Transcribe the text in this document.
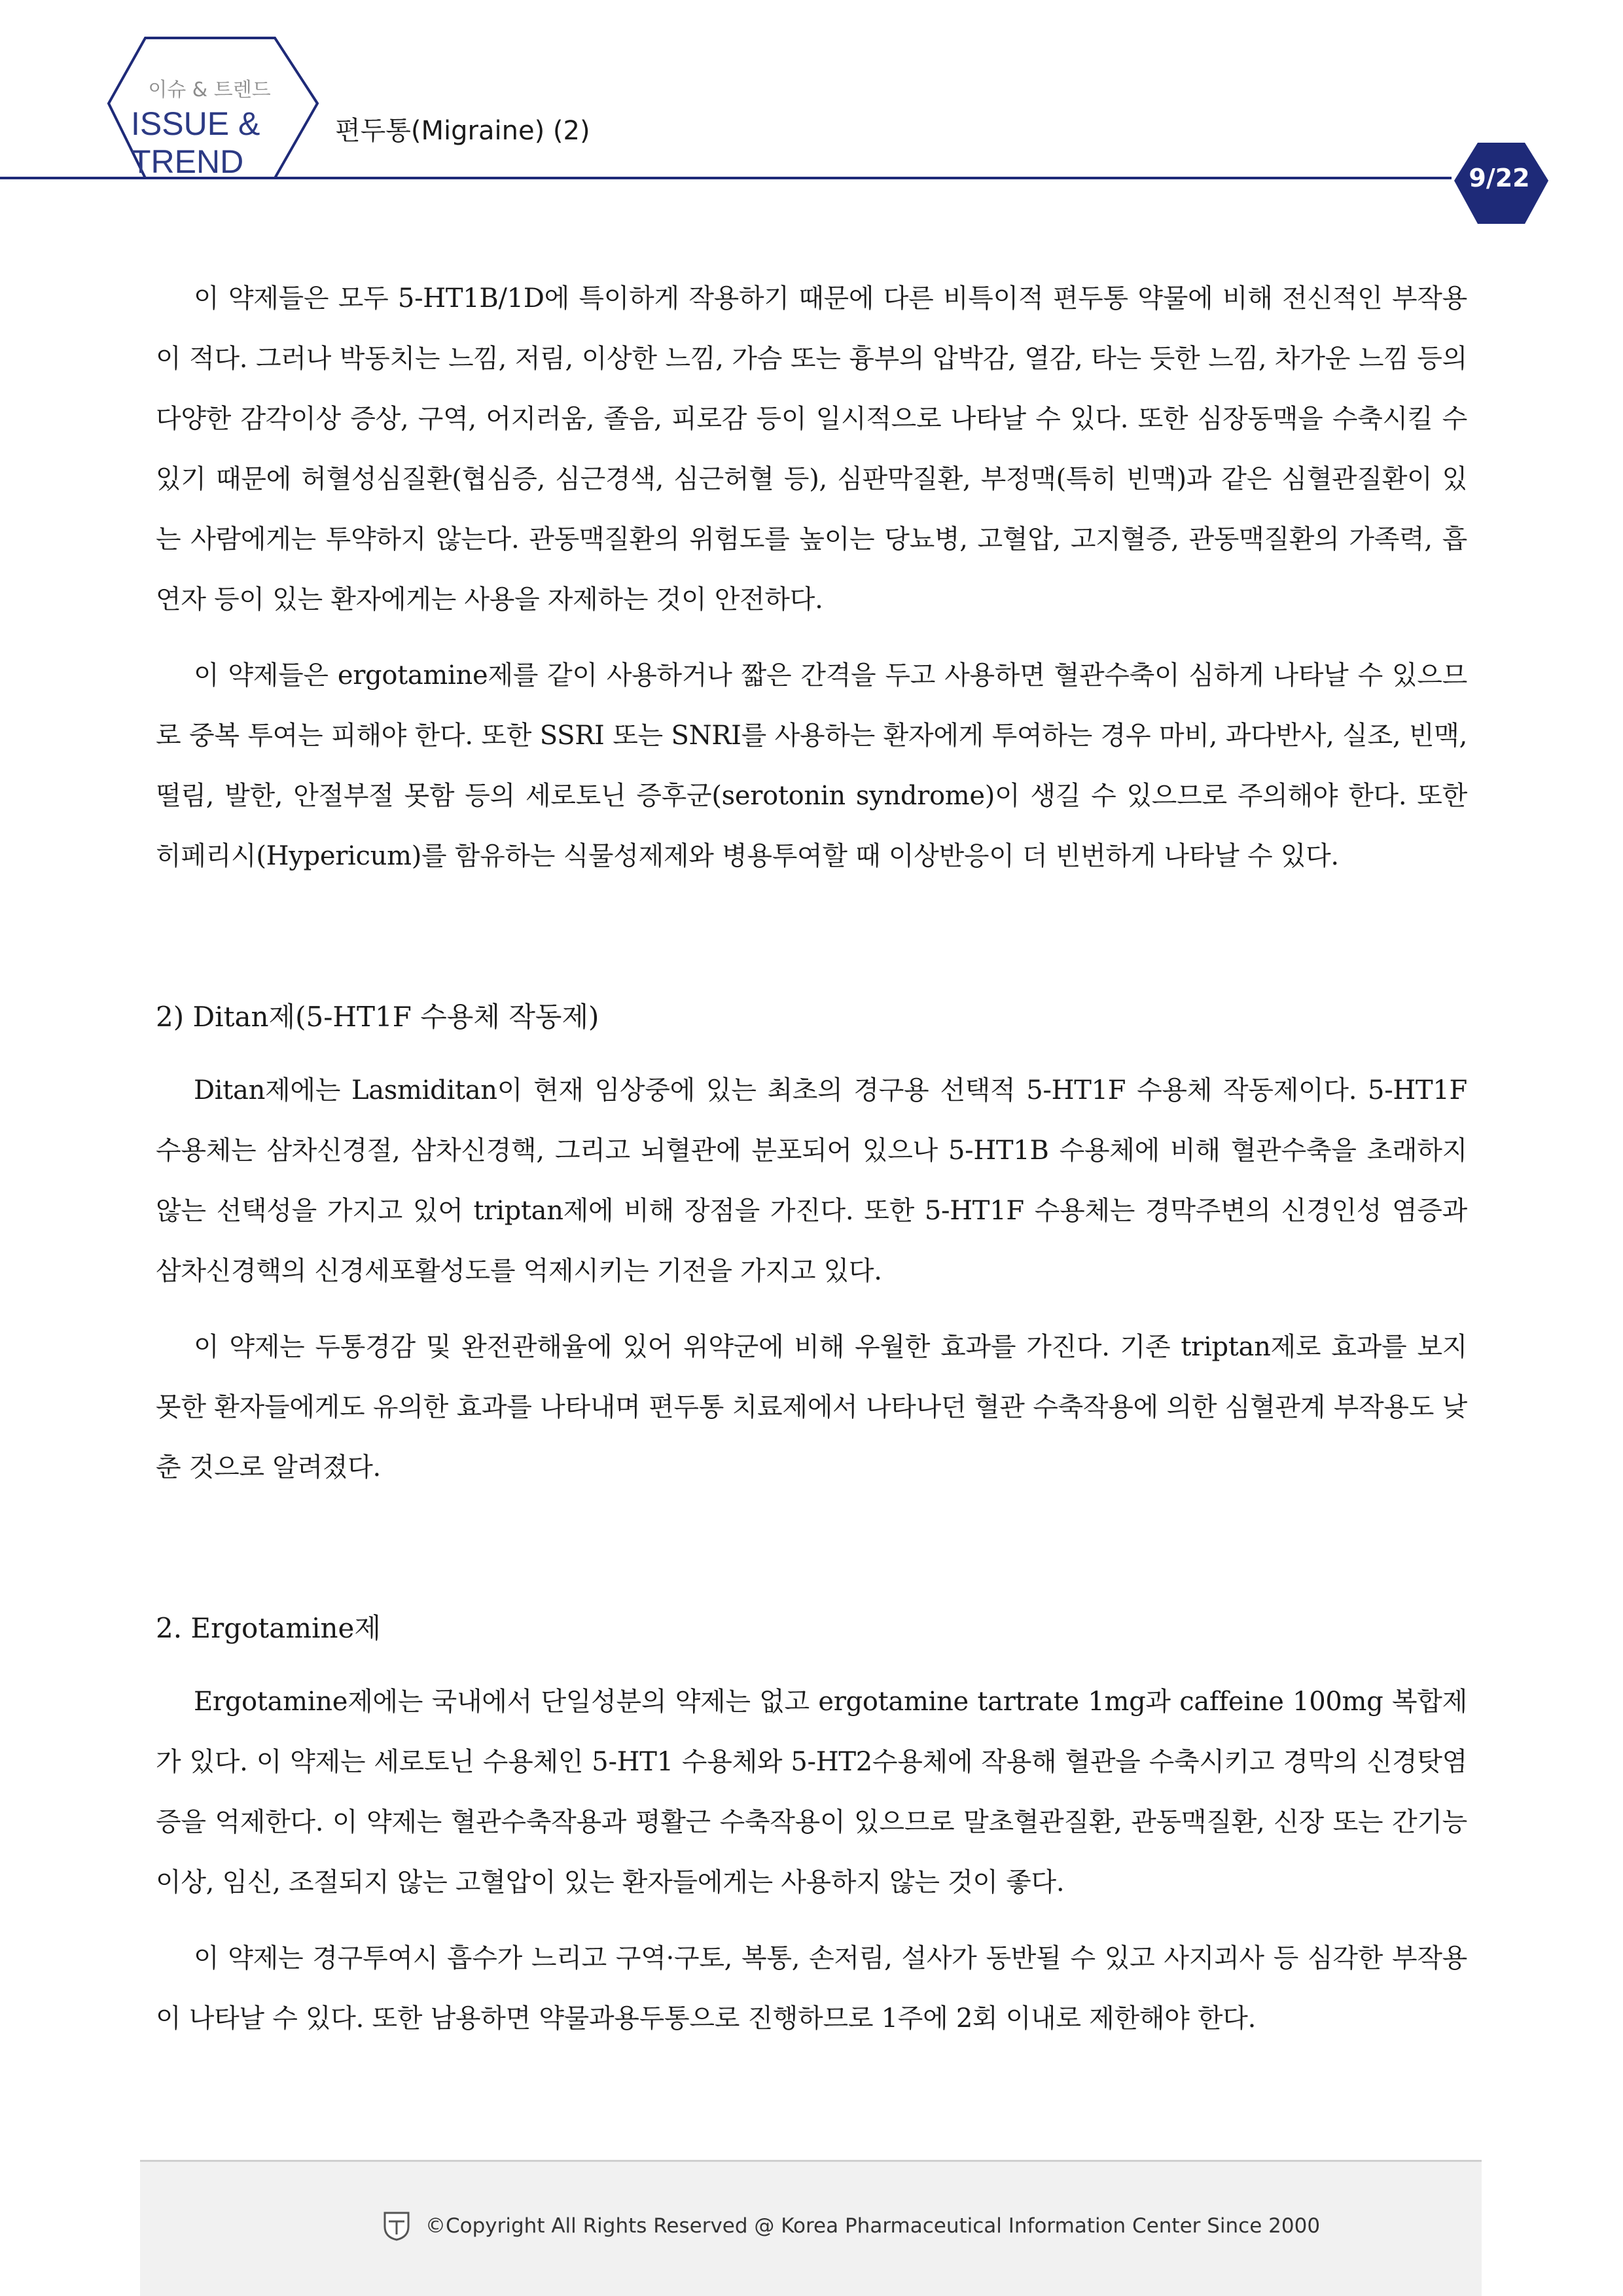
이슈 & 트렌드
ISSUE &
TREND
편두통(Migraine) (2)
9/22

이 약제들은 모두 5-HT1B/1D에 특이하게 작용하기 때문에 다른 비특이적 편두통 약물에 비해 전신적인 부작용이 적다. 그러나 박동치는 느낌, 저림, 이상한 느낌, 가슴 또는 흉부의 압박감, 열감, 타는 듯한 느낌, 차가운 느낌 등의 다양한 감각이상 증상, 구역, 어지러움, 졸음, 피로감 등이 일시적으로 나타날 수 있다. 또한 심장동맥을 수축시킬 수 있기 때문에 허혈성심질환(협심증, 심근경색, 심근허혈 등), 심판막질환, 부정맥(특히 빈맥)과 같은 심혈관질환이 있는 사람에게는 투약하지 않는다. 관동맥질환의 위험도를 높이는 당뇨병, 고혈압, 고지혈증, 관동맥질환의 가족력, 흡연자 등이 있는 환자에게는 사용을 자제하는 것이 안전하다.

이 약제들은 ergotamine제를 같이 사용하거나 짧은 간격을 두고 사용하면 혈관수축이 심하게 나타날 수 있으므로 중복 투여는 피해야 한다. 또한 SSRI 또는 SNRI를 사용하는 환자에게 투여하는 경우 마비, 과다반사, 실조, 빈맥, 떨림, 발한, 안절부절 못함 등의 세로토닌 증후군(serotonin syndrome)이 생길 수 있으므로 주의해야 한다. 또한 히페리시(Hypericum)를 함유하는 식물성제제와 병용투여할 때 이상반응이 더 빈번하게 나타날 수 있다.

2) Ditan제(5-HT1F 수용체 작동제)

Ditan제에는 Lasmiditan이 현재 임상중에 있는 최초의 경구용 선택적 5-HT1F 수용체 작동제이다. 5-HT1F 수용체는 삼차신경절, 삼차신경핵, 그리고 뇌혈관에 분포되어 있으나 5-HT1B 수용체에 비해 혈관수축을 초래하지 않는 선택성을 가지고 있어 triptan제에 비해 장점을 가진다. 또한 5-HT1F 수용체는 경막주변의 신경인성 염증과 삼차신경핵의 신경세포활성도를 억제시키는 기전을 가지고 있다.

이 약제는 두통경감 및 완전관해율에 있어 위약군에 비해 우월한 효과를 가진다. 기존 triptan제로 효과를 보지 못한 환자들에게도 유의한 효과를 나타내며 편두통 치료제에서 나타나던 혈관 수축작용에 의한 심혈관계 부작용도 낮춘 것으로 알려졌다.

2. Ergotamine제

Ergotamine제에는 국내에서 단일성분의 약제는 없고 ergotamine tartrate 1mg과 caffeine 100mg 복합제가 있다. 이 약제는 세로토닌 수용체인 5-HT1 수용체와 5-HT2수용체에 작용해 혈관을 수축시키고 경막의 신경탓염증을 억제한다. 이 약제는 혈관수축작용과 평활근 수축작용이 있으므로 말초혈관질환, 관동맥질환, 신장 또는 간기능 이상, 임신, 조절되지 않는 고혈압이 있는 환자들에게는 사용하지 않는 것이 좋다.

이 약제는 경구투여시 흡수가 느리고 구역·구토, 복통, 손저림, 설사가 동반될 수 있고 사지괴사 등 심각한 부작용이 나타날 수 있다. 또한 남용하면 약물과용두통으로 진행하므로 1주에 2회 이내로 제한해야 한다.

©Copyright All Rights Reserved @ Korea Pharmaceutical Information Center Since 2000
